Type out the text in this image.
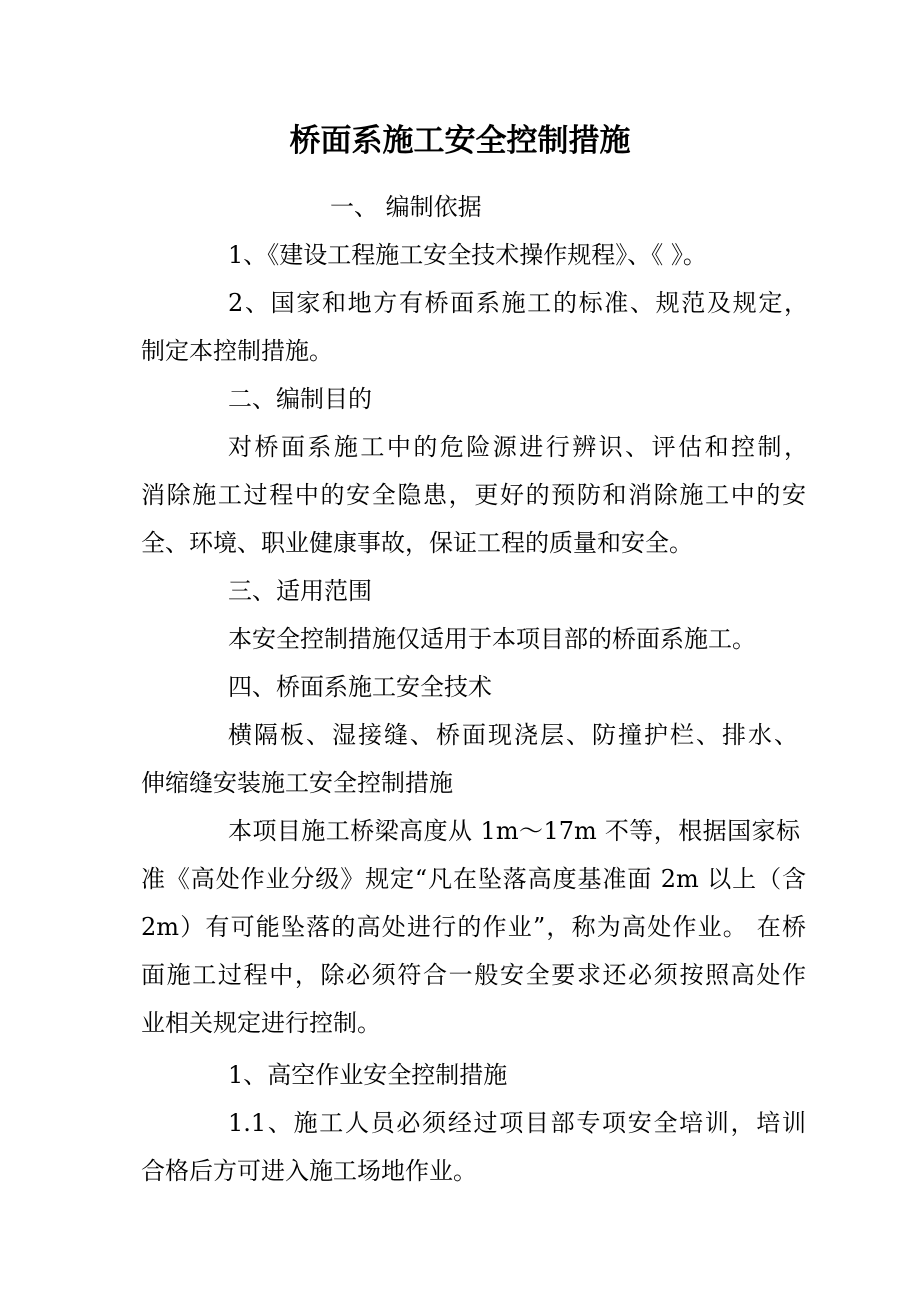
桥面系施工安全控制措施
一、 编制依据
1、《建设工程施工安全技术操作规程》、《 》。
2、国家和地方有桥面系施工的标准、规范及规定，
制定本控制措施。
二、编制目的
对桥面系施工中的危险源进行辨识、评估和控制，
消除施工过程中的安全隐患，更好的预防和消除施工中的安
全、环境、职业健康事故，保证工程的质量和安全。
三、适用范围
本安全控制措施仅适用于本项目部的桥面系施工。
四、桥面系施工安全技术
横隔板、湿接缝、桥面现浇层、防撞护栏、排水、
伸缩缝安装施工安全控制措施
本项目施工桥梁高度从 1m～17m 不等，根据国家标
准《高处作业分级》规定“凡在坠落高度基准面 2m 以上（含
2m）有可能坠落的高处进行的作业”，称为高处作业。 在桥
面施工过程中，除必须符合一般安全要求还必须按照高处作
业相关规定进行控制。
1、高空作业安全控制措施
1.1、施工人员必须经过项目部专项安全培训，培训
合格后方可进入施工场地作业。
